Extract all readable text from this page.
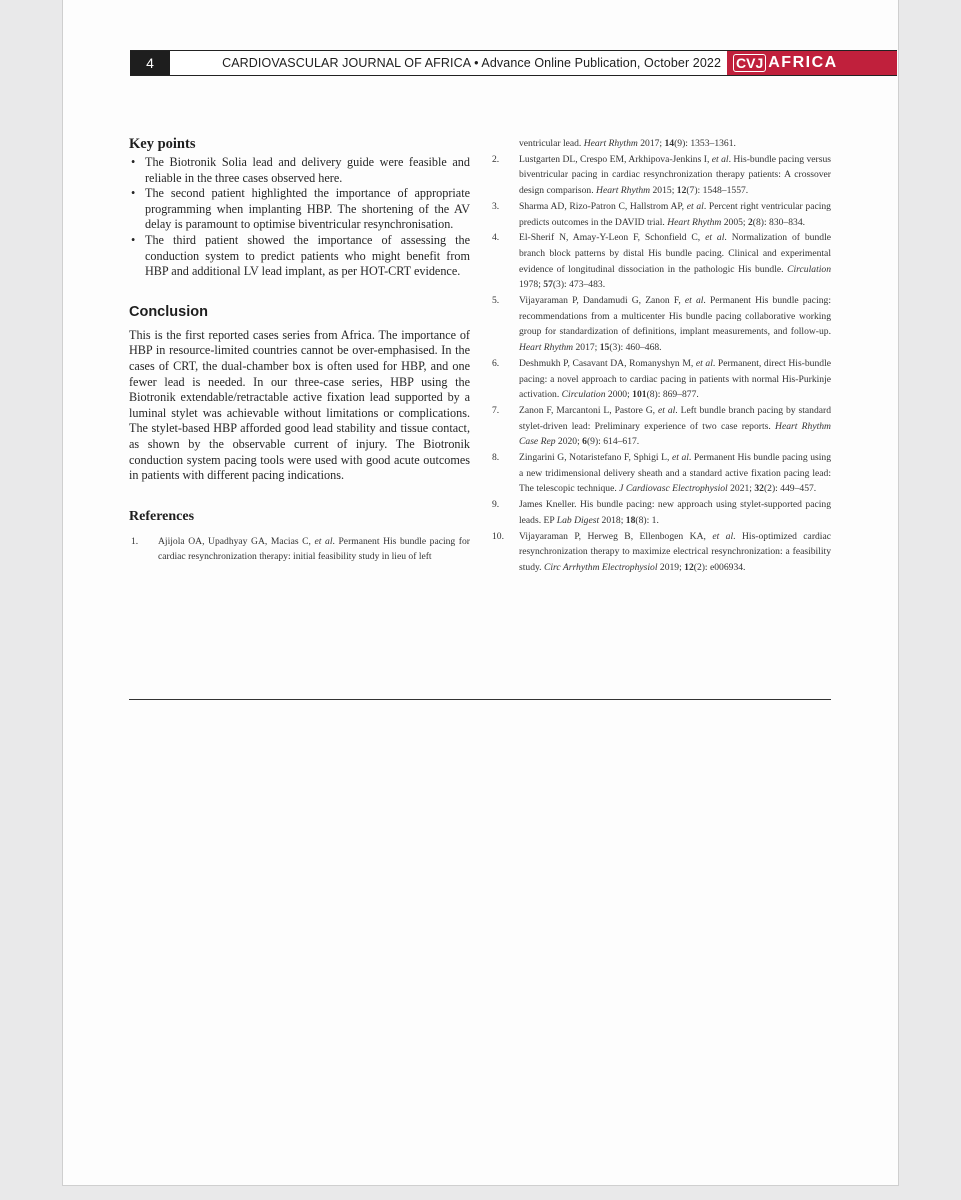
4	CARDIOVASCULAR JOURNAL OF AFRICA • Advance Online Publication, October 2022	CVJ AFRICA
Key points
• The Biotronik Solia lead and delivery guide were feasible and reliable in the three cases observed here.
• The second patient highlighted the importance of appropriate programming when implanting HBP. The shortening of the AV delay is paramount to optimise biventricular resynchronisation.
• The third patient showed the importance of assessing the conduction system to predict patients who might benefit from HBP and additional LV lead implant, as per HOT-CRT evidence.
Conclusion

This is the first reported cases series from Africa. The importance of HBP in resource-limited countries cannot be over-emphasised. In the cases of CRT, the dual-chamber box is often used for HBP, and one fewer lead is needed. In our three-case series, HBP using the Biotronik extendable/retractable active fixation lead supported by a luminal stylet was achievable without limitations or complications. The stylet-based HBP afforded good lead stability and tissue contact, as shown by the observable current of injury. The Biotronik conduction system pacing tools were used with good acute outcomes in patients with different pacing indications.

References
1.	Ajijola OA, Upadhyay GA, Macias C, et al. Permanent His bundle pacing for cardiac resynchronization therapy: initial feasibility study in lieu of left
ventricular lead. Heart Rhythm 2017; 14(9): 1353–1361.
2.	Lustgarten DL, Crespo EM, Arkhipova-Jenkins I, et al. His-bundle pacing versus biventricular pacing in cardiac resynchronization therapy patients: A crossover design comparison. Heart Rhythm 2015; 12(7): 1548–1557.
3.	Sharma AD, Rizo-Patron C, Hallstrom AP, et al. Percent right ventricular pacing predicts outcomes in the DAVID trial. Heart Rhythm 2005; 2(8): 830–834.
4.	El-Sherif N, Amay-Y-Leon F, Schonfield C, et al. Normalization of bundle branch block patterns by distal His bundle pacing. Clinical and experimental evidence of longitudinal dissociation in the pathologic His bundle. Circulation 1978; 57(3): 473–483.
5.	Vijayaraman P, Dandamudi G, Zanon F, et al. Permanent His bundle pacing: recommendations from a multicenter His bundle pacing collaborative working group for standardization of definitions, implant measurements, and follow-up. Heart Rhythm 2017; 15(3): 460–468.
6.	Deshmukh P, Casavant DA, Romanyshyn M, et al. Permanent, direct His-bundle pacing: a novel approach to cardiac pacing in patients with normal His-Purkinje activation. Circulation 2000; 101(8): 869–877.
7.	Zanon F, Marcantoni L, Pastore G, et al. Left bundle branch pacing by standard stylet-driven lead: Preliminary experience of two case reports. Heart Rhythm Case Rep 2020; 6(9): 614–617.
8.	Zingarini G, Notaristefano F, Sphigi L, et al. Permanent His bundle pacing using a new tridimensional delivery sheath and a standard active fixation pacing lead: The telescopic technique. J Cardiovasc Electrophysiol 2021; 32(2): 449–457.
9.	James Kneller. His bundle pacing: new approach using stylet-supported pacing leads. EP Lab Digest 2018; 18(8): 1.
10.	Vijayaraman P, Herweg B, Ellenbogen KA, et al. His-optimized cardiac resynchronization therapy to maximize electrical resynchronization: a feasibility study. Circ Arrhythm Electrophysiol 2019; 12(2): e006934.
